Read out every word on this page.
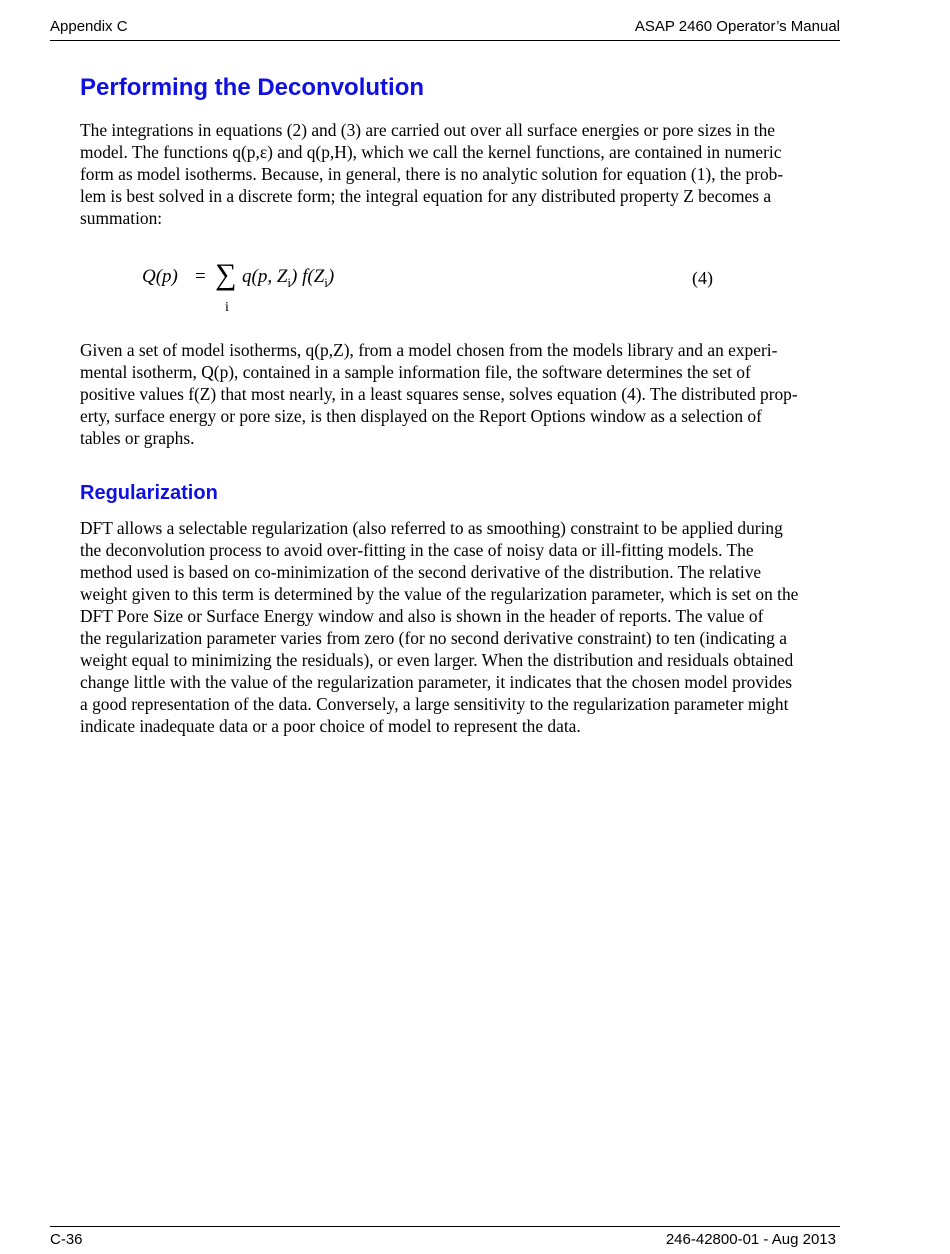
Appendix C	ASAP 2460 Operator’s Manual
Performing the Deconvolution
The integrations in equations (2) and (3) are carried out over all surface energies or pore sizes in the
model. The functions q(p,ε) and q(p,H), which we call the kernel functions, are contained in numeric
form as model isotherms. Because, in general, there is no analytic solution for equation (1), the prob-
lem is best solved in a discrete form; the integral equation for any distributed property Z becomes a
summation:
Q(p) = ∑
i
q(p, $Z_i$) $f(Z_i)$	(4)
Given a set of model isotherms, q(p,Z), from a model chosen from the models library and an experi-
mental isotherm, Q(p), contained in a sample information file, the software determines the set of
positive values f(Z) that most nearly, in a least squares sense, solves equation (4). The distributed prop-
erty, surface energy or pore size, is then displayed on the Report Options window as a selection of
tables or graphs.
Regularization
DFT allows a selectable regularization (also referred to as smoothing) constraint to be applied during
the deconvolution process to avoid over-fitting in the case of noisy data or ill-fitting models. The
method used is based on co-minimization of the second derivative of the distribution. The relative
weight given to this term is determined by the value of the regularization parameter, which is set on the
DFT Pore Size or Surface Energy window and also is shown in the header of reports. The value of
the regularization parameter varies from zero (for no second derivative constraint) to ten (indicating a
weight equal to minimizing the residuals), or even larger. When the distribution and residuals obtained
change little with the value of the regularization parameter, it indicates that the chosen model provides
a good representation of the data. Conversely, a large sensitivity to the regularization parameter might
indicate inadequate data or a poor choice of model to represent the data.
C-36	246-42800-01 - Aug 2013
